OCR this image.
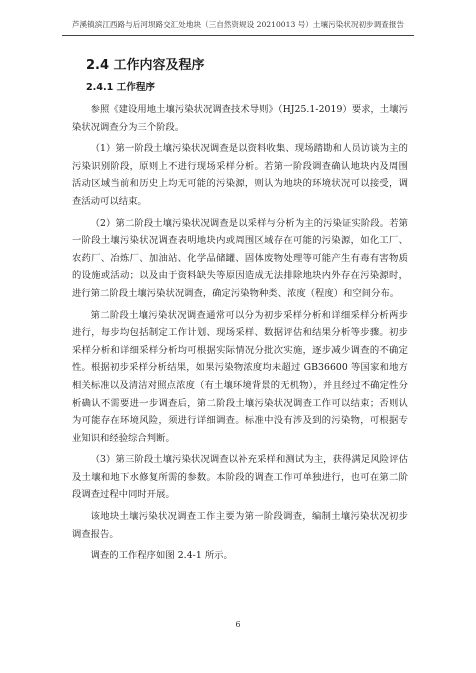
芦溪镇滨江西路与后河坝路交汇处地块（三自然资规设 20210013 号）土壤污染状况初步调查报告
2.4 工作内容及程序
2.4.1 工作程序

参照《建设用地土壤污染状况调查技术导则》（HJ25.1-2019）要求，土壤污染状况调查分为三个阶段。

（1）第一阶段土壤污染状况调查是以资料收集、现场踏勘和人员访谈为主的污染识别阶段，原则上不进行现场采样分析。若第一阶段调查确认地块内及周围活动区域当前和历史上均无可能的污染源，则认为地块的环境状况可以接受，调查活动可以结束。

（2）第二阶段土壤污染状况调查是以采样与分析为主的污染证实阶段。若第一阶段土壤污染状况调查表明地块内或周围区域存在可能的污染源，如化工厂、农药厂、冶炼厂、加油站、化学品储罐、固体废物处理等可能产生有毒有害物质的设施或活动；以及由于资料缺失等原因造成无法排除地块内外存在污染源时，进行第二阶段土壤污染状况调查，确定污染物种类、浓度（程度）和空间分布。

第二阶段土壤污染状况调查通常可以分为初步采样分析和详细采样分析两步进行，每步均包括制定工作计划、现场采样、数据评估和结果分析等步骤。初步采样分析和详细采样分析均可根据实际情况分批次实施，逐步减少调查的不确定性。根据初步采样分析结果，如果污染物浓度均未超过 GB36600 等国家和地方相关标准以及清洁对照点浓度（有土壤环境背景的无机物），并且经过不确定性分析确认不需要进一步调查后，第二阶段土壤污染状况调查工作可以结束；否则认为可能存在环境风险，须进行详细调查。标准中没有涉及到的污染物，可根据专业知识和经验综合判断。

（3）第三阶段土壤污染状况调查以补充采样和测试为主，获得满足风险评估及土壤和地下水修复所需的参数。本阶段的调查工作可单独进行，也可在第二阶段调查过程中同时开展。

该地块土壤污染状况调查工作主要为第一阶段调查，编制土壤污染状况初步调查报告。

调查的工作程序如图 2.4-1 所示。

6
